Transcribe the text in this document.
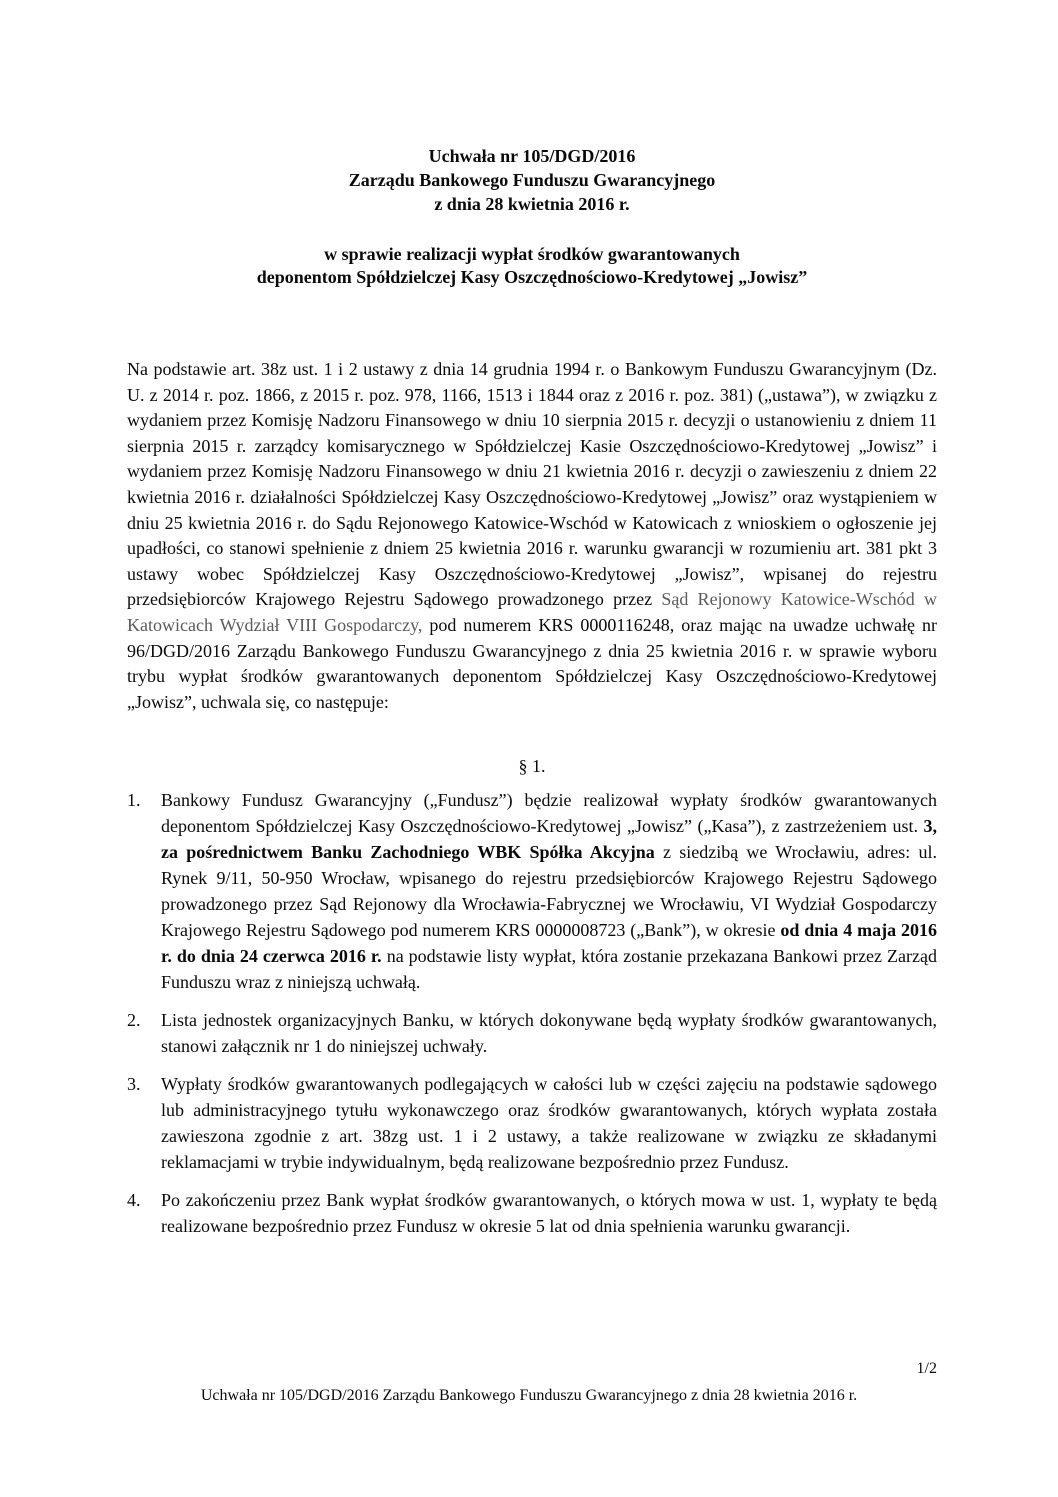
Uchwała nr 105/DGD/2016
Zarządu Bankowego Funduszu Gwarancyjnego
z dnia 28 kwietnia 2016 r.
w sprawie realizacji wypłat środków gwarantowanych
deponentom Spółdzielczej Kasy Oszczędnościowo-Kredytowej „Jowisz”

Na podstawie art. 38z ust. 1 i 2 ustawy z dnia 14 grudnia 1994 r. o Bankowym Funduszu Gwarancyjnym (Dz. U. z 2014 r. poz. 1866, z 2015 r. poz. 978, 1166, 1513 i 1844 oraz z 2016 r. poz. 381) („ustawa”), w związku z wydaniem przez Komisję Nadzoru Finansowego w dniu 10 sierpnia 2015 r. decyzji o ustanowieniu z dniem 11 sierpnia 2015 r. zarządcy komisarycznego w Spółdzielczej Kasie Oszczędnościowo-Kredytowej „Jowisz” i wydaniem przez Komisję Nadzoru Finansowego w dniu 21 kwietnia 2016 r. decyzji o zawieszeniu z dniem 22 kwietnia 2016 r. działalności Spółdzielczej Kasy Oszczędnościowo-Kredytowej „Jowisz” oraz wystąpieniem w dniu 25 kwietnia 2016 r. do Sądu Rejonowego Katowice-Wschód w Katowicach z wnioskiem o ogłoszenie jej upadłości, co stanowi spełnienie z dniem 25 kwietnia 2016 r. warunku gwarancji w rozumieniu art. 381 pkt 3 ustawy wobec Spółdzielczej Kasy Oszczędnościowo-Kredytowej „Jowisz”, wpisanej do rejestru przedsiębiorców Krajowego Rejestru Sądowego prowadzonego przez Sąd Rejonowy Katowice-Wschód w Katowicach Wydział VIII Gospodarczy, pod numerem KRS 0000116248, oraz mając na uwadze uchwałę nr 96/DGD/2016 Zarządu Bankowego Funduszu Gwarancyjnego z dnia 25 kwietnia 2016 r. w sprawie wyboru trybu wypłat środków gwarantowanych deponentom Spółdzielczej Kasy Oszczędnościowo-Kredytowej „Jowisz”, uchwala się, co następuje:

§ 1.
1.	Bankowy Fundusz Gwarancyjny („Fundusz”) będzie realizował wypłaty środków gwarantowanych deponentom Spółdzielczej Kasy Oszczędnościowo-Kredytowej „Jowisz” („Kasa”), z zastrzeżeniem ust. 3, za pośrednictwem Banku Zachodniego WBK Spółka Akcyjna z siedzibą we Wrocławiu, adres: ul. Rynek 9/11, 50-950 Wrocław, wpisanego do rejestru przedsiębiorców Krajowego Rejestru Sądowego prowadzonego przez Sąd Rejonowy dla Wrocławia-Fabrycznej we Wrocławiu, VI Wydział Gospodarczy Krajowego Rejestru Sądowego pod numerem KRS 0000008723 („Bank”), w okresie od dnia 4 maja 2016 r. do dnia 24 czerwca 2016 r. na podstawie listy wypłat, która zostanie przekazana Bankowi przez Zarząd Funduszu wraz z niniejszą uchwałą.
2.	Lista jednostek organizacyjnych Banku, w których dokonywane będą wypłaty środków gwarantowanych, stanowi załącznik nr 1 do niniejszej uchwały.
3.	Wypłaty środków gwarantowanych podlegających w całości lub w części zajęciu na podstawie sądowego lub administracyjnego tytułu wykonawczego oraz środków gwarantowanych, których wypłata została zawieszona zgodnie z art. 38zg ust. 1 i 2 ustawy, a także realizowane w związku ze składanymi reklamacjami w trybie indywidualnym, będą realizowane bezpośrednio przez Fundusz.
4.	Po zakończeniu przez Bank wypłat środków gwarantowanych, o których mowa w ust. 1, wypłaty te będą realizowane bezpośrednio przez Fundusz w okresie 5 lat od dnia spełnienia warunku gwarancji.
1/2
Uchwała nr 105/DGD/2016 Zarządu Bankowego Funduszu Gwarancyjnego z dnia 28 kwietnia 2016 r.
